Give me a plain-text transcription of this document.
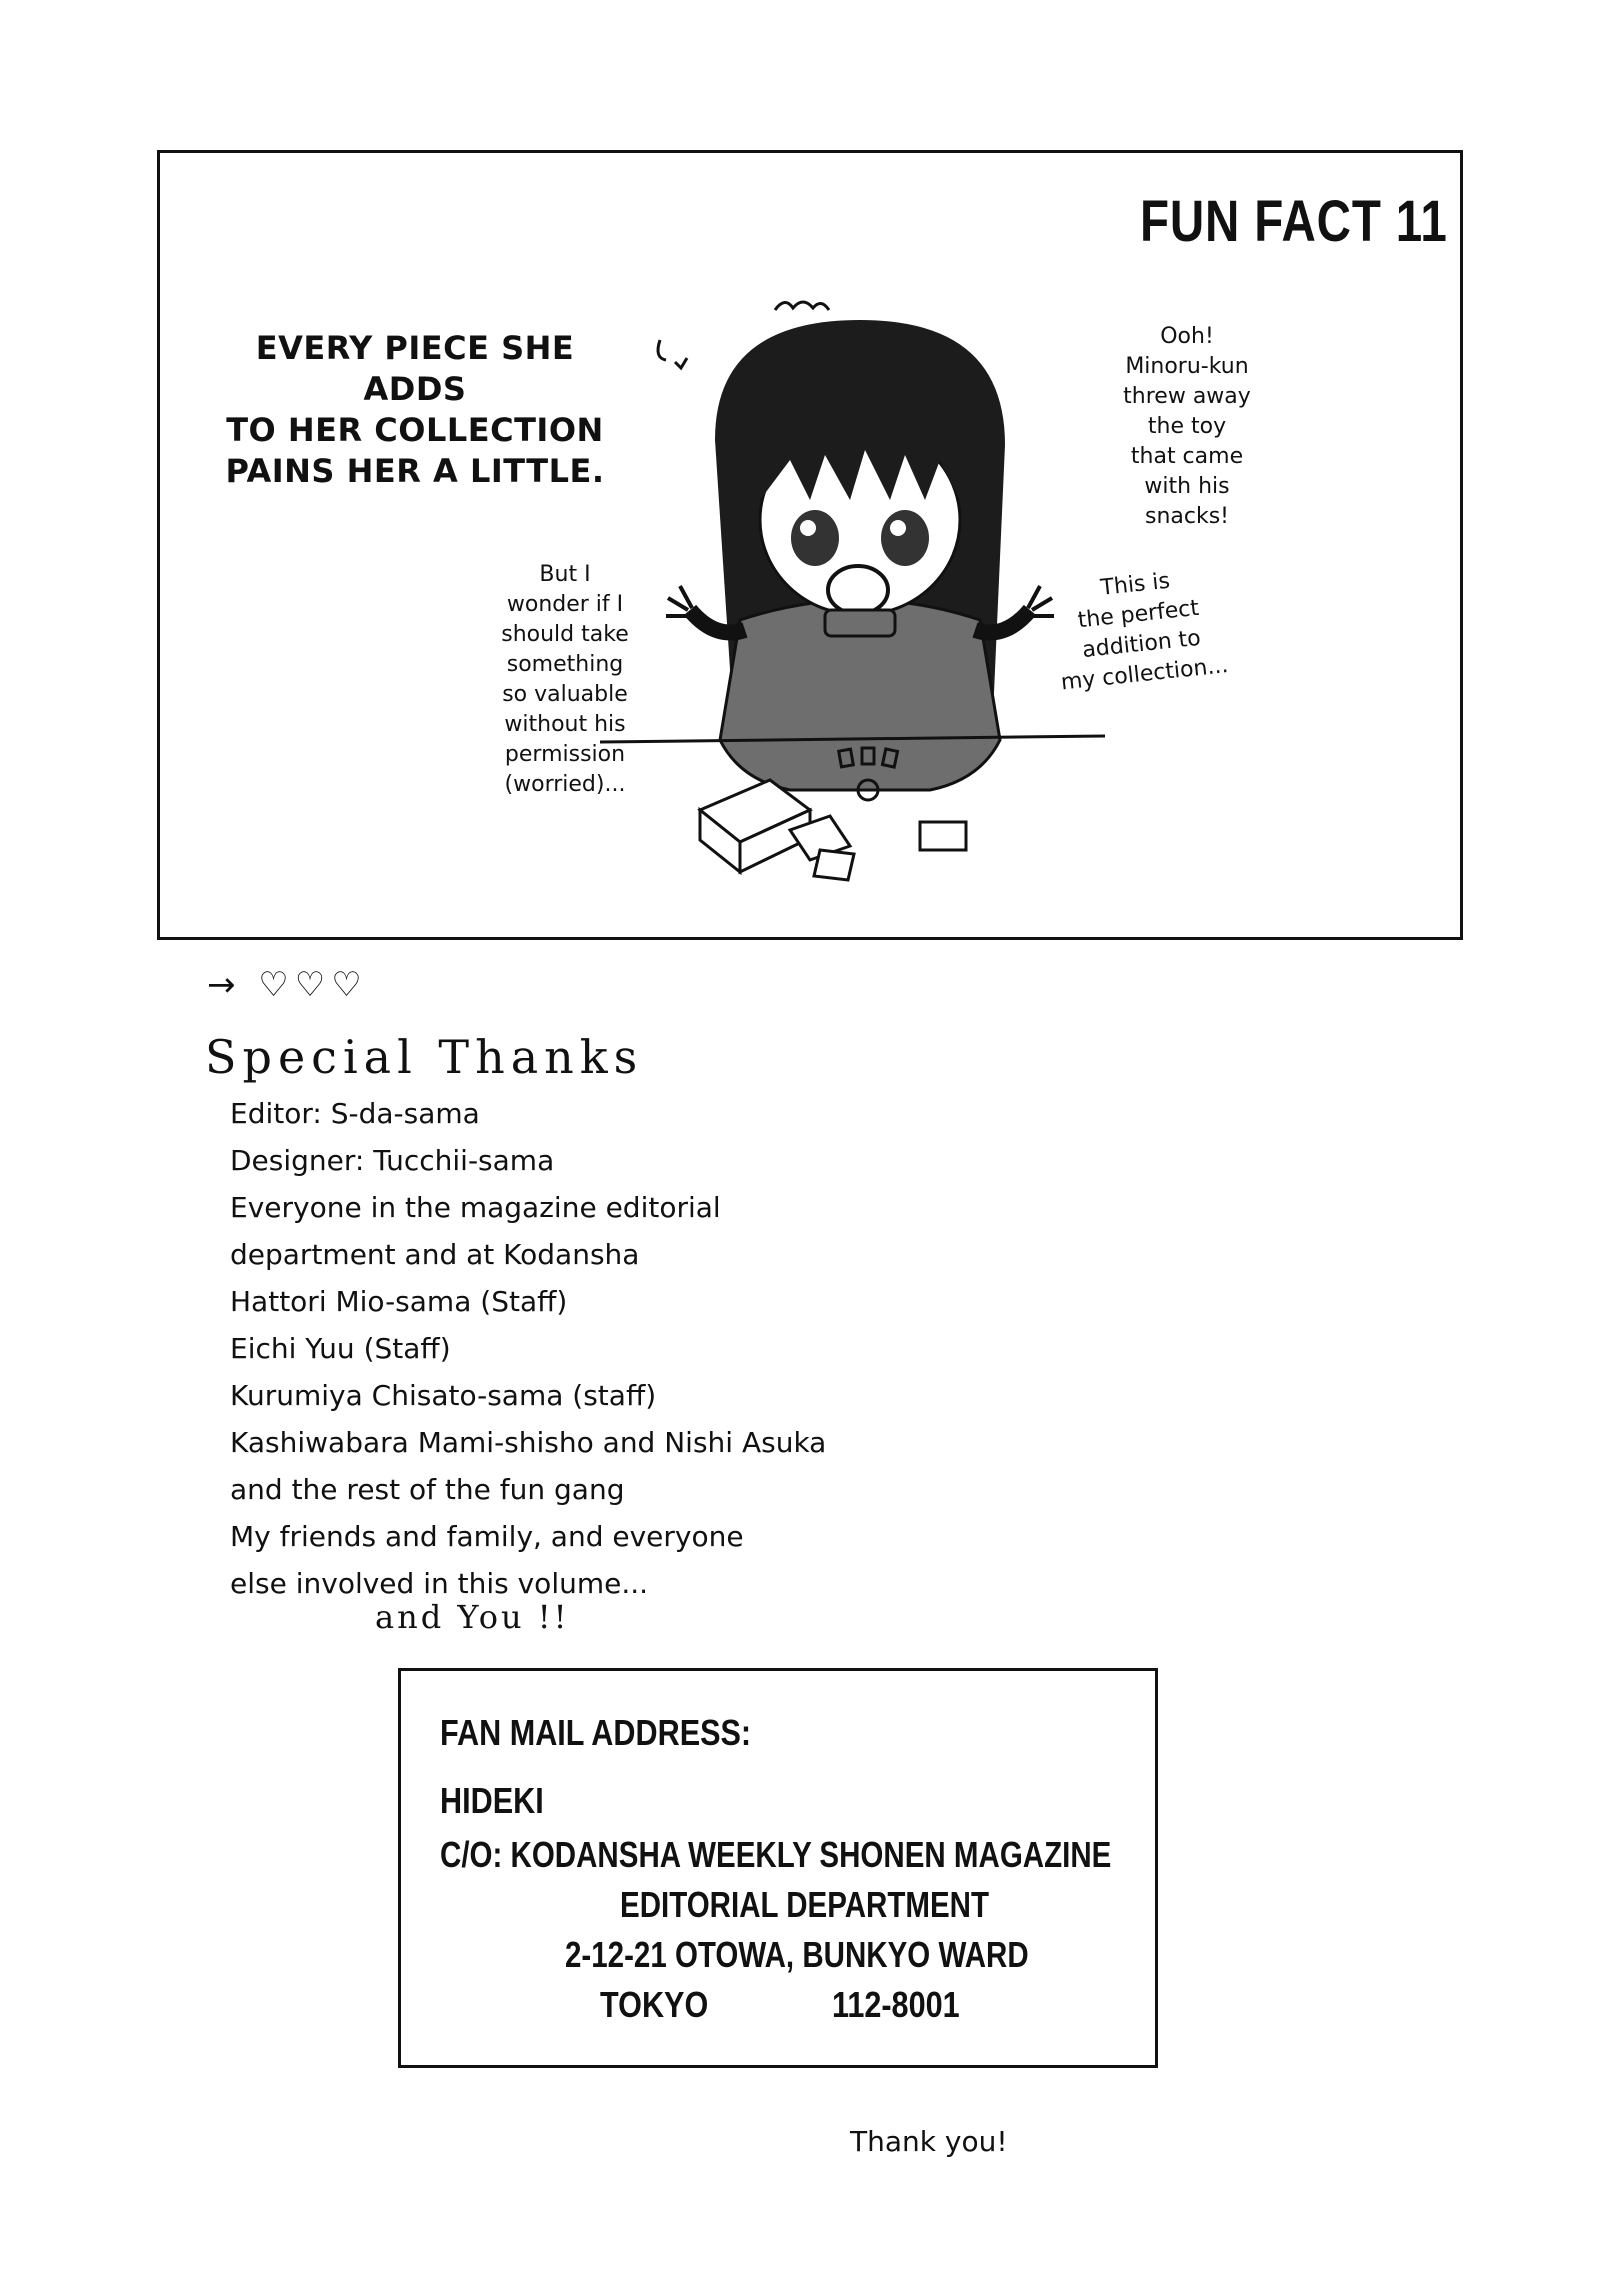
FUN FACT 11
EVERY PIECE SHE ADDS
TO HER COLLECTION
PAINS HER A LITTLE.
Ooh!
Minoru-kun
threw away
the toy
that came
with his
snacks!
But I
wonder if I
should take
something
so valuable
without his
permission
(worried)...
This is
the perfect
addition to
my collection...
→ ♡♡♡
Special Thanks
Editor: S-da-sama
Designer: Tucchii-sama
Everyone in the magazine editorial
department and at Kodansha
Hattori Mio-sama (Staff)
Eichi Yuu (Staff)
Kurumiya Chisato-sama (staff)
Kashiwabara Mami-shisho and Nishi Asuka
and the rest of the fun gang
My friends and family, and everyone
else involved in this volume...
and You !!
FAN MAIL ADDRESS:
HIDEKI
C/O: KODANSHA WEEKLY SHONEN MAGAZINE
EDITORIAL DEPARTMENT
2-12-21 OTOWA, BUNKYO WARD
TOKYO	112-8001
Thank you!
